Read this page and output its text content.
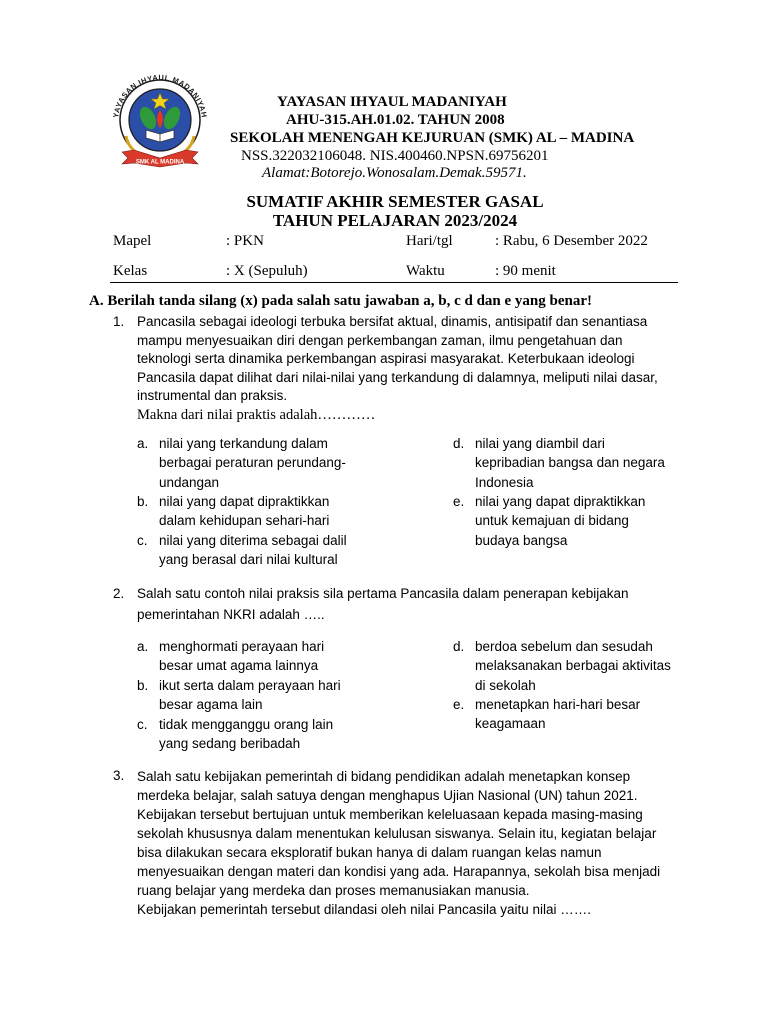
YAYASAN IHYAUL MADANIYAH
SMK AL MADINA
YAYASAN IHYAUL MADANIYAH
AHU-315.AH.01.02. TAHUN 2008
SEKOLAH MENENGAH KEJURUAN (SMK) AL – MADINA
NSS.322032106048. NIS.400460.NPSN.69756201
Alamat:Botorejo.Wonosalam.Demak.59571.
SUMATIF AKHIR SEMESTER GASAL
TAHUN PELAJARAN 2023/2024
Mapel	: PKN	Hari/tgl	: Rabu, 6 Desember 2022
Kelas	: X (Sepuluh)	Waktu	: 90 menit
A. Berilah tanda silang (x) pada salah satu jawaban a, b, c d dan e yang benar!
1. Pancasila sebagai ideologi terbuka bersifat aktual, dinamis, antisipatif dan senantiasa mampu menyesuaikan diri dengan perkembangan zaman, ilmu pengetahuan dan teknologi serta dinamika perkembangan aspirasi masyarakat. Keterbukaan ideologi Pancasila dapat dilihat dari nilai-nilai yang terkandung di dalamnya, meliputi nilai dasar, instrumental dan praksis.
Makna dari nilai praktis adalah…………
a. nilai yang terkandung dalam berbagai peraturan perundang-undangan
b. nilai yang dapat dipraktikkan dalam kehidupan sehari-hari
c. nilai yang diterima sebagai dalil yang berasal dari nilai kultural
d. nilai yang diambil dari kepribadian bangsa dan negara Indonesia
e. nilai yang dapat dipraktikkan untuk kemajuan di bidang budaya bangsa
2. Salah satu contoh nilai praksis sila pertama Pancasila dalam penerapan kebijakan pemerintahan NKRI adalah …..
a. menghormati perayaan hari besar umat agama lainnya
b. ikut serta dalam perayaan hari besar agama lain
c. tidak mengganggu orang lain yang sedang beribadah
d. berdoa sebelum dan sesudah melaksanakan berbagai aktivitas di sekolah
e. menetapkan hari-hari besar keagamaan
3. Salah satu kebijakan pemerintah di bidang pendidikan adalah menetapkan konsep merdeka belajar, salah satuya dengan menghapus Ujian Nasional (UN) tahun 2021. Kebijakan tersebut bertujuan untuk memberikan keleluasaan kepada masing-masing sekolah khususnya dalam menentukan kelulusan siswanya. Selain itu, kegiatan belajar bisa dilakukan secara eksploratif bukan hanya di dalam ruangan kelas namun menyesuaikan dengan materi dan kondisi yang ada. Harapannya, sekolah bisa menjadi ruang belajar yang merdeka dan proses memanusiakan manusia.
Kebijakan pemerintah tersebut dilandasi oleh nilai Pancasila yaitu nilai …….
